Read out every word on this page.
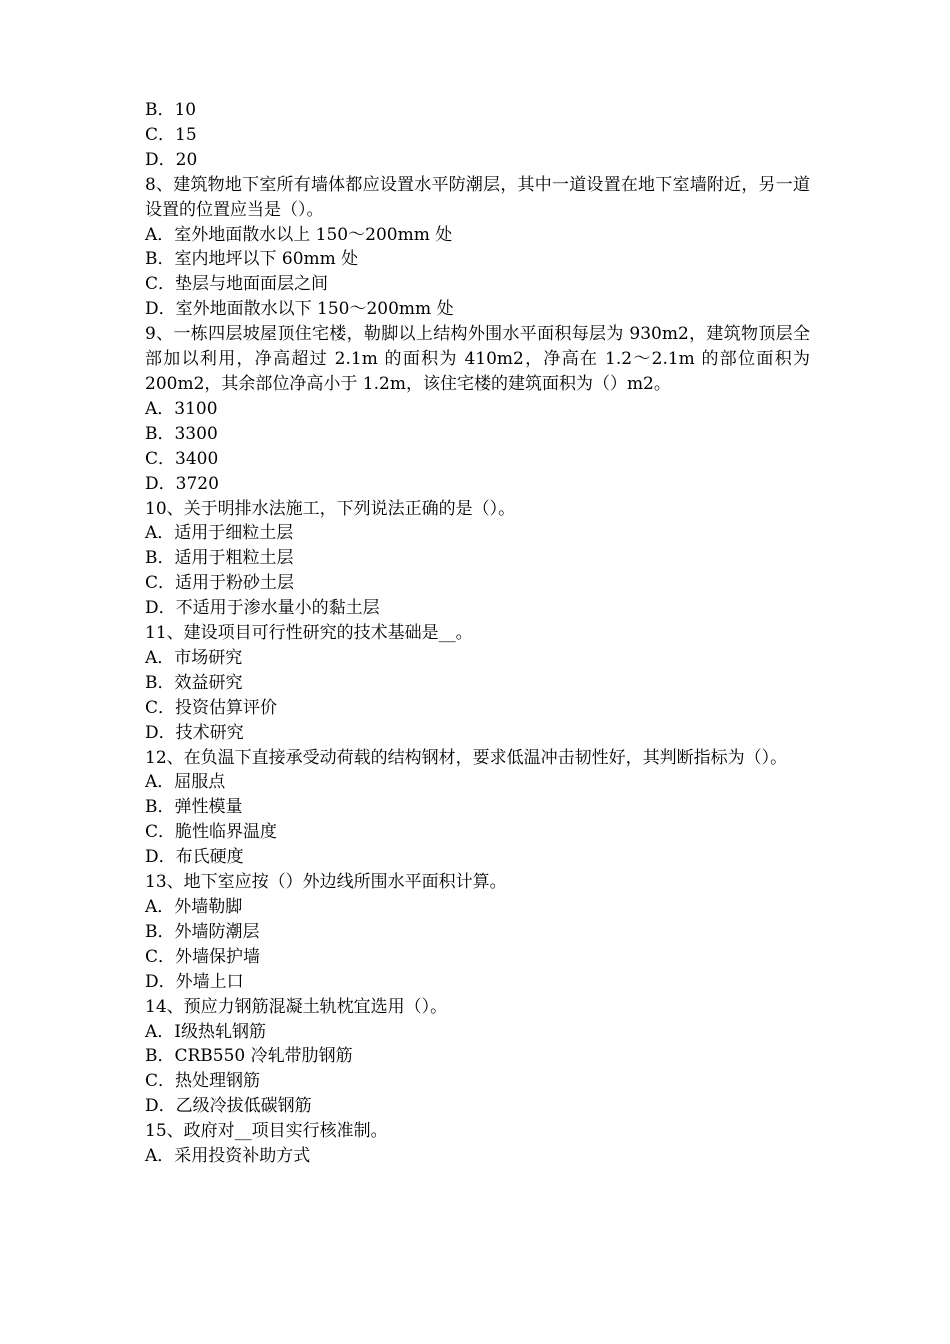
B．10

C．15

D．20

8、建筑物地下室所有墙体都应设置水平防潮层，其中一道设置在地下室墙附近，另一道设置的位置应当是（）。

A．室外地面散水以上 150～200mm 处

B．室内地坪以下 60mm 处

C．垫层与地面面层之间

D．室外地面散水以下 150～200mm 处

9、一栋四层坡屋顶住宅楼，勒脚以上结构外围水平面积每层为 930m2，建筑物顶层全部加以利用，净高超过 2.1m 的面积为 410m2，净高在 1.2～2.1m 的部位面积为 200m2，其余部位净高小于 1.2m，该住宅楼的建筑面积为（）m2。

A．3100

B．3300

C．3400

D．3720

10、关于明排水法施工，下列说法正确的是（）。

A．适用于细粒土层

B．适用于粗粒土层

C．适用于粉砂土层

D．不适用于渗水量小的黏土层

11、建设项目可行性研究的技术基础是__。

A．市场研究

B．效益研究

C．投资估算评价

D．技术研究

12、在负温下直接承受动荷载的结构钢材，要求低温冲击韧性好，其判断指标为（）。

A．屈服点

B．弹性模量

C．脆性临界温度

D．布氏硬度

13、地下室应按（）外边线所围水平面积计算。

A．外墙勒脚

B．外墙防潮层

C．外墙保护墙

D．外墙上口

14、预应力钢筋混凝土轨枕宜选用（）。

A．Ⅰ级热轧钢筋

B．CRB550 冷轧带肋钢筋

C．热处理钢筋

D．乙级冷拔低碳钢筋

15、政府对__项目实行核准制。

A．采用投资补助方式
